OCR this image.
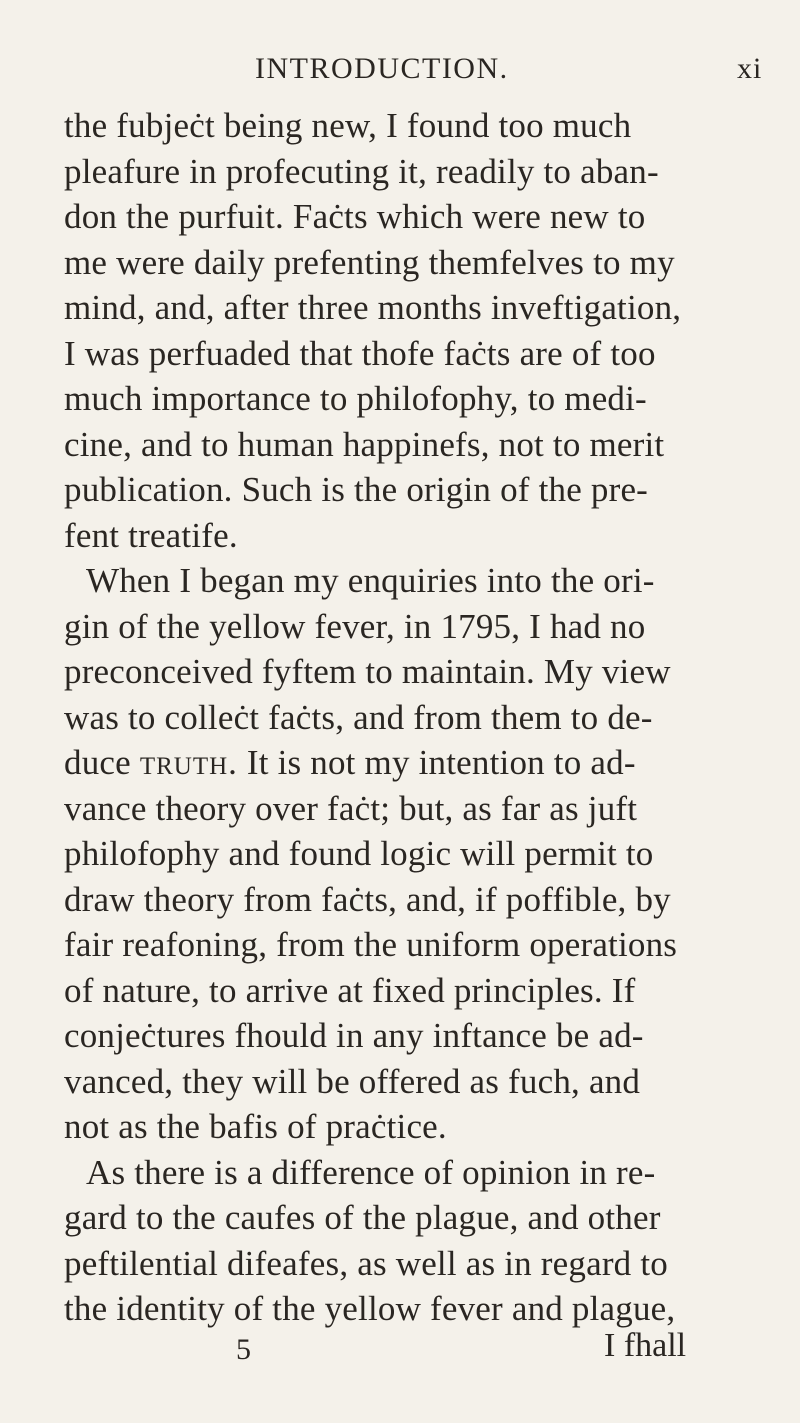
INTRODUCTION.	xi
the fubjeċt being new, I found too much
pleafure in profecuting it, readily to aban-
don the purfuit. Faċts which were new to
me were daily prefenting themfelves to my
mind, and, after three months inveftigation,
I was perfuaded that thofe faċts are of too
much importance to philofophy, to medi-
cine, and to human happinefs, not to merit
publication. Such is the origin of the pre-
fent treatife.
When I began my enquiries into the ori-
gin of the yellow fever, in 1795, I had no
preconceived fyftem to maintain. My view
was to colleċt faċts, and from them to de-
duce truth. It is not my intention to ad-
vance theory over faċt; but, as far as juft
philofophy and found logic will permit to
draw theory from faċts, and, if poffible, by
fair reafoning, from the uniform operations
of nature, to arrive at fixed principles. If
conjeċtures fhould in any inftance be ad-
vanced, they will be offered as fuch, and
not as the bafis of praċtice.
As there is a difference of opinion in re-
gard to the caufes of the plague, and other
peftilential difeafes, as well as in regard to
the identity of the yellow fever and plague,
5	I fhall
